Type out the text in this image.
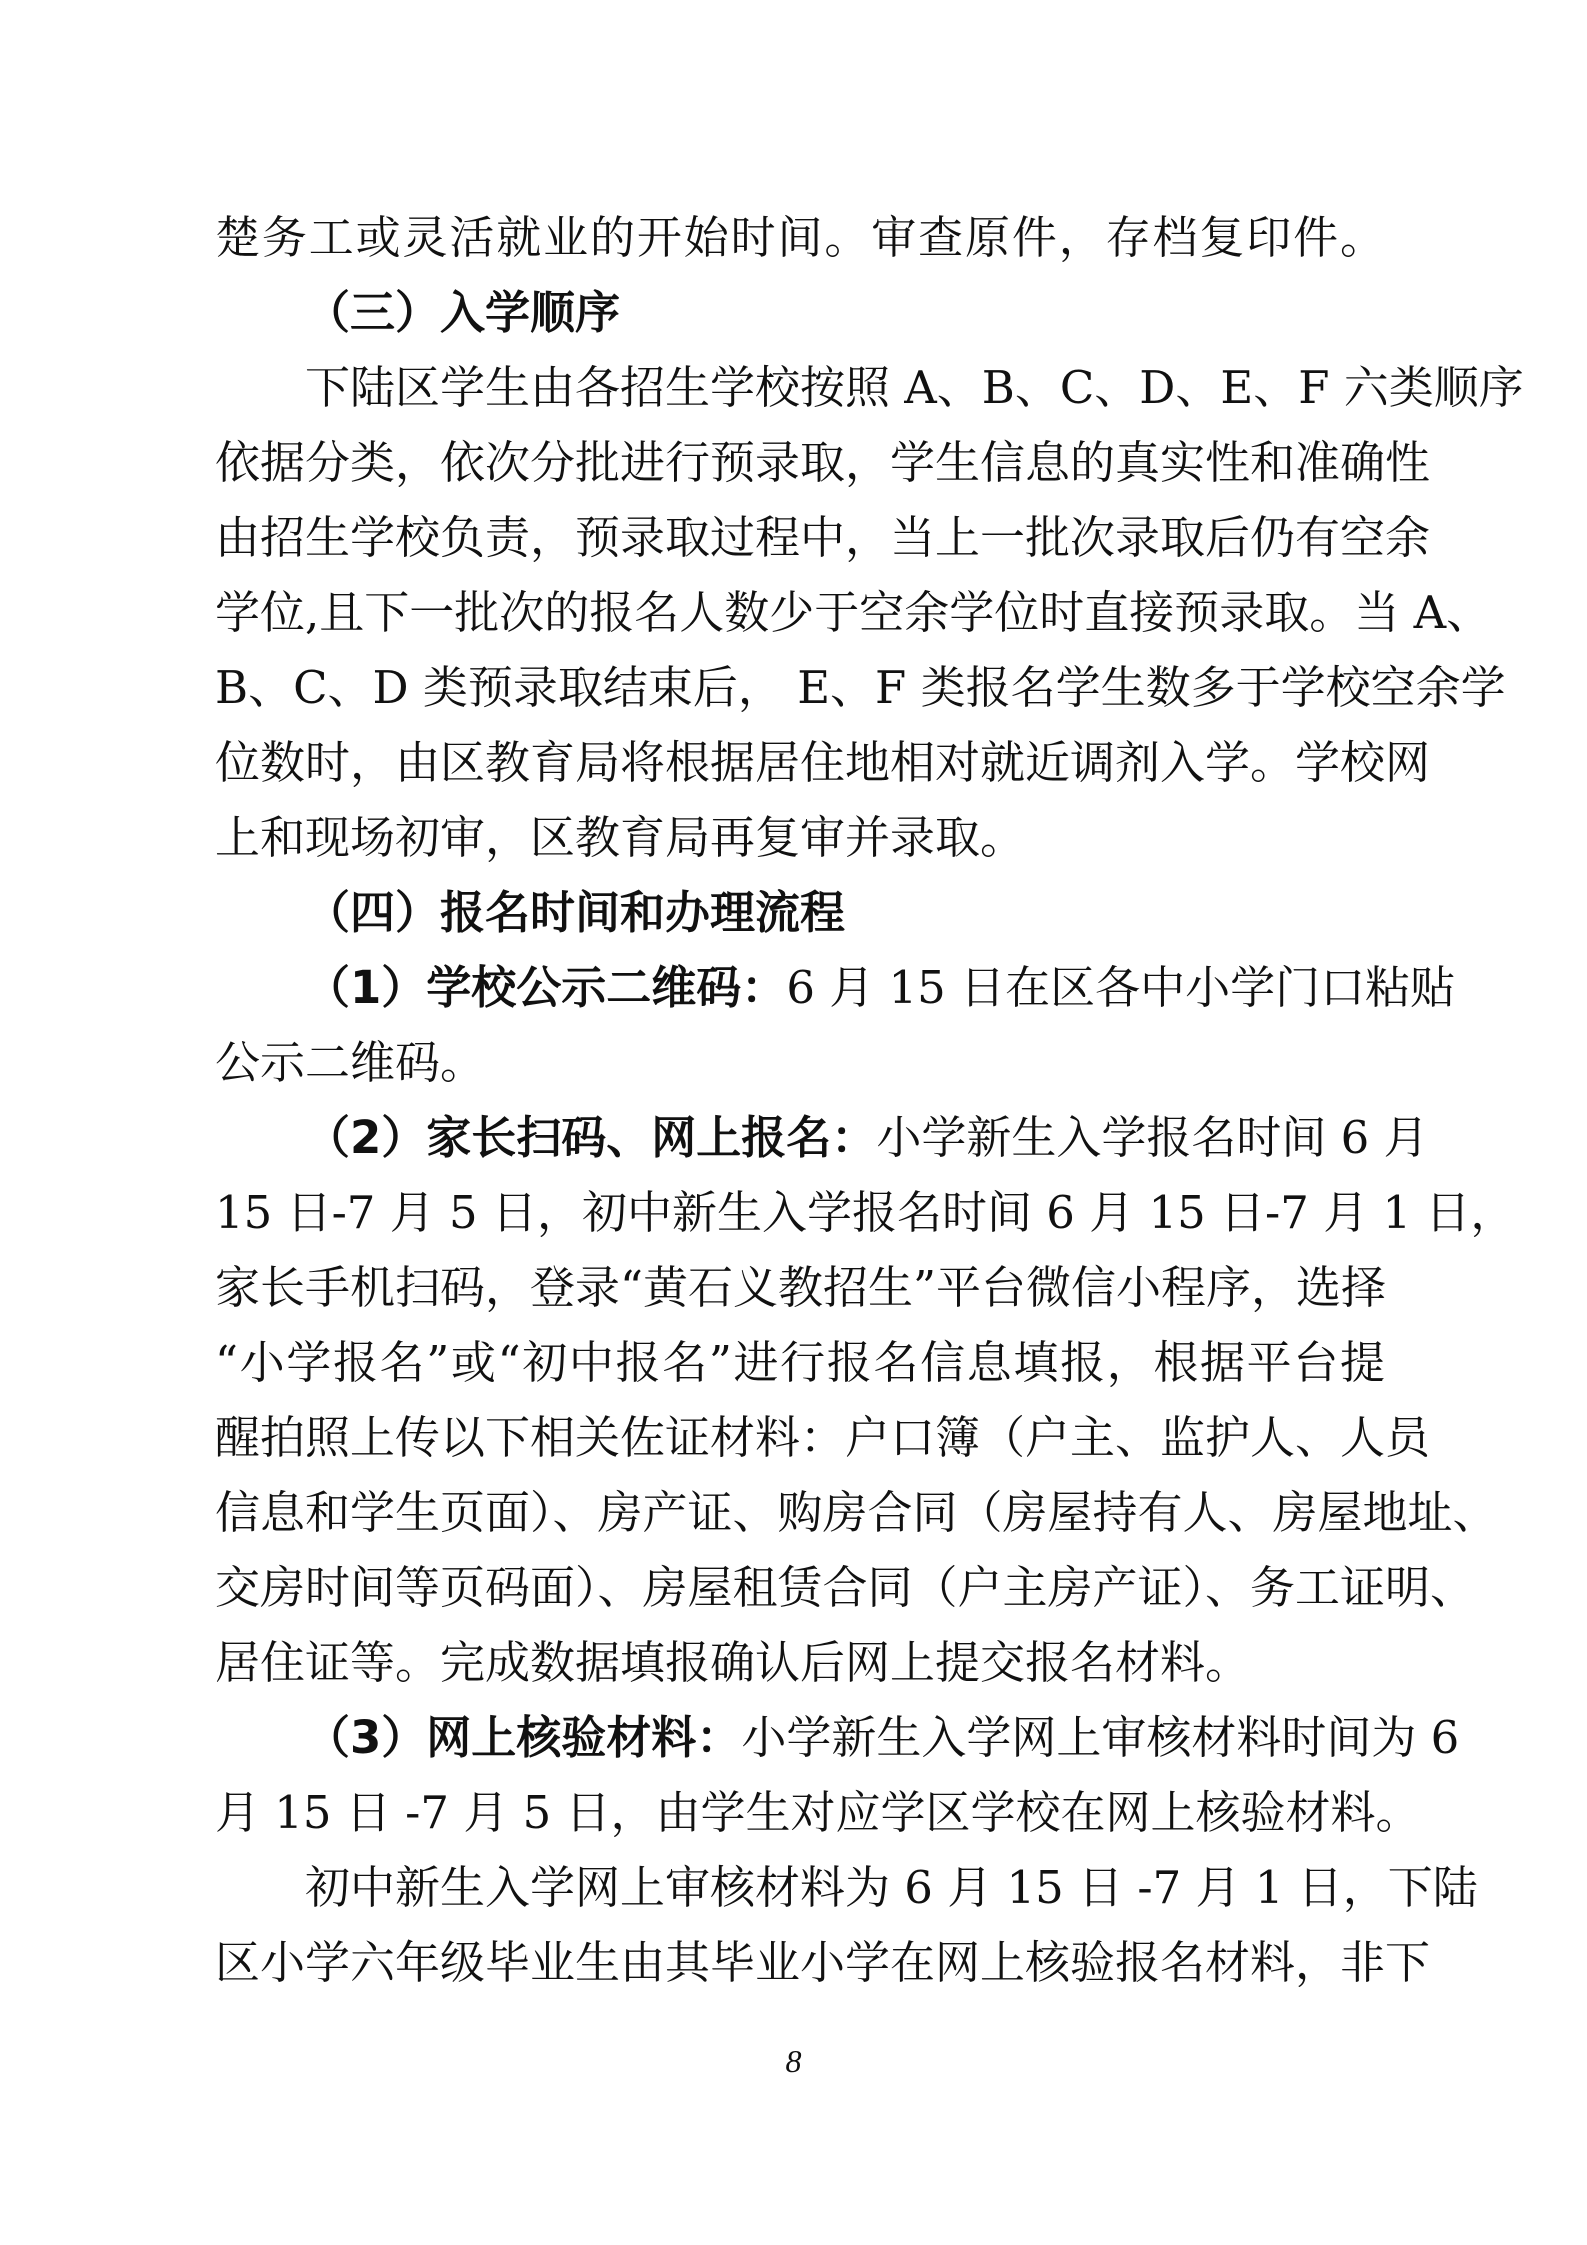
楚务工或灵活就业的开始时间。审查原件，存档复印件。
（三）入学顺序
下陆区学生由各招生学校按照 A、B、C、D、E、F 六类顺序
依据分类，依次分批进行预录取，学生信息的真实性和准确性
由招生学校负责，预录取过程中，当上一批次录取后仍有空余
学位,且下一批次的报名人数少于空余学位时直接预录取。当 A、
B、C、D 类预录取结束后， E、F 类报名学生数多于学校空余学
位数时，由区教育局将根据居住地相对就近调剂入学。学校网
上和现场初审，区教育局再复审并录取。
（四）报名时间和办理流程
（1）学校公示二维码：6 月 15 日在区各中小学门口粘贴
公示二维码。
（2）家长扫码、网上报名：小学新生入学报名时间 6 月
15 日-7 月 5 日，初中新生入学报名时间 6 月 15 日-7 月 1 日，
家长手机扫码，登录“黄石义教招生”平台微信小程序，选择
“小学报名”或“初中报名”进行报名信息填报，根据平台提
醒拍照上传以下相关佐证材料：户口簿（户主、监护人、人员
信息和学生页面）、房产证、购房合同（房屋持有人、房屋地址、
交房时间等页码面）、房屋租赁合同（户主房产证）、务工证明、
居住证等。完成数据填报确认后网上提交报名材料。
（3）网上核验材料：小学新生入学网上审核材料时间为 6
月 15 日 -7 月 5 日，由学生对应学区学校在网上核验材料。
初中新生入学网上审核材料为 6 月 15 日 -7 月 1 日，下陆
区小学六年级毕业生由其毕业小学在网上核验报名材料，非下
8
